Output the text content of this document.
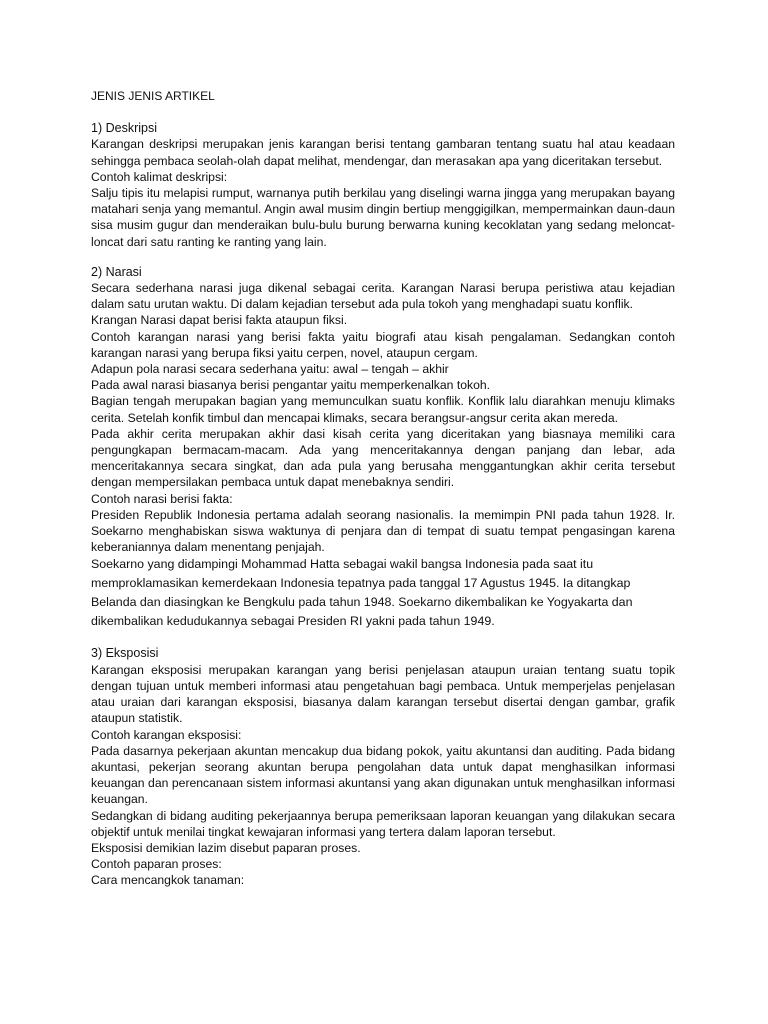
JENIS JENIS ARTIKEL

1) Deskripsi

Karangan deskripsi merupakan jenis karangan berisi tentang gambaran tentang suatu hal atau keadaan sehingga pembaca seolah-olah dapat melihat, mendengar, dan merasakan apa yang diceritakan tersebut.

Contoh kalimat deskripsi:

Salju tipis itu melapisi rumput, warnanya putih berkilau yang diselingi warna jingga yang merupakan bayang matahari senja yang memantul. Angin awal musim dingin bertiup menggigilkan, mempermainkan daun-daun sisa musim gugur dan menderaikan bulu-bulu burung berwarna kuning kecoklatan yang sedang meloncat-loncat dari satu ranting ke ranting yang lain.

2) Narasi

Secara sederhana narasi juga dikenal sebagai cerita. Karangan Narasi berupa peristiwa atau kejadian dalam satu urutan waktu. Di dalam kejadian tersebut ada pula tokoh yang menghadapi suatu konflik.

Krangan Narasi dapat berisi fakta ataupun fiksi.

Contoh karangan narasi yang berisi fakta yaitu biografi atau kisah pengalaman. Sedangkan contoh karangan narasi yang berupa fiksi yaitu cerpen, novel, ataupun cergam.

Adapun pola narasi secara sederhana yaitu: awal – tengah – akhir

Pada awal narasi biasanya berisi pengantar yaitu memperkenalkan tokoh.

Bagian tengah merupakan bagian yang memunculkan suatu konflik. Konflik lalu diarahkan menuju klimaks cerita. Setelah konfik timbul dan mencapai klimaks, secara berangsur-angsur cerita akan mereda.

Pada akhir cerita merupakan akhir dasi kisah cerita yang diceritakan yang biasnaya memiliki cara pengungkapan bermacam-macam. Ada yang menceritakannya dengan panjang dan lebar, ada menceritakannya secara singkat, dan ada pula yang berusaha menggantungkan akhir cerita tersebut dengan mempersilakan pembaca untuk dapat menebaknya sendiri.

Contoh narasi berisi fakta:

Presiden Republik Indonesia pertama adalah seorang nasionalis. Ia memimpin PNI pada tahun 1928. Ir. Soekarno menghabiskan siswa waktunya di penjara dan di tempat di suatu tempat pengasingan karena keberaniannya dalam menentang penjajah.

Soekarno yang didampingi Mohammad Hatta sebagai wakil bangsa Indonesia pada saat itu

memproklamasikan kemerdekaan Indonesia tepatnya pada tanggal 17 Agustus 1945. Ia ditangkap

Belanda dan diasingkan ke Bengkulu pada tahun 1948. Soekarno dikembalikan ke Yogyakarta dan

dikembalikan kedudukannya sebagai Presiden RI yakni pada tahun 1949.

3) Eksposisi

Karangan eksposisi merupakan karangan yang berisi penjelasan ataupun uraian tentang suatu topik dengan tujuan untuk memberi informasi atau pengetahuan bagi pembaca. Untuk memperjelas penjelasan atau uraian dari karangan eksposisi, biasanya dalam karangan tersebut disertai dengan gambar, grafik ataupun statistik.

Contoh karangan eksposisi:

Pada dasarnya pekerjaan akuntan mencakup dua bidang pokok, yaitu akuntansi dan auditing. Pada bidang akuntasi, pekerjan seorang akuntan berupa pengolahan data untuk dapat menghasilkan informasi keuangan dan perencanaan sistem informasi akuntansi yang akan digunakan untuk menghasilkan informasi keuangan.

Sedangkan di bidang auditing pekerjaannya berupa pemeriksaan laporan keuangan yang dilakukan secara objektif untuk menilai tingkat kewajaran informasi yang tertera dalam laporan tersebut.

Eksposisi demikian lazim disebut paparan proses.

Contoh paparan proses:

Cara mencangkok tanaman:
